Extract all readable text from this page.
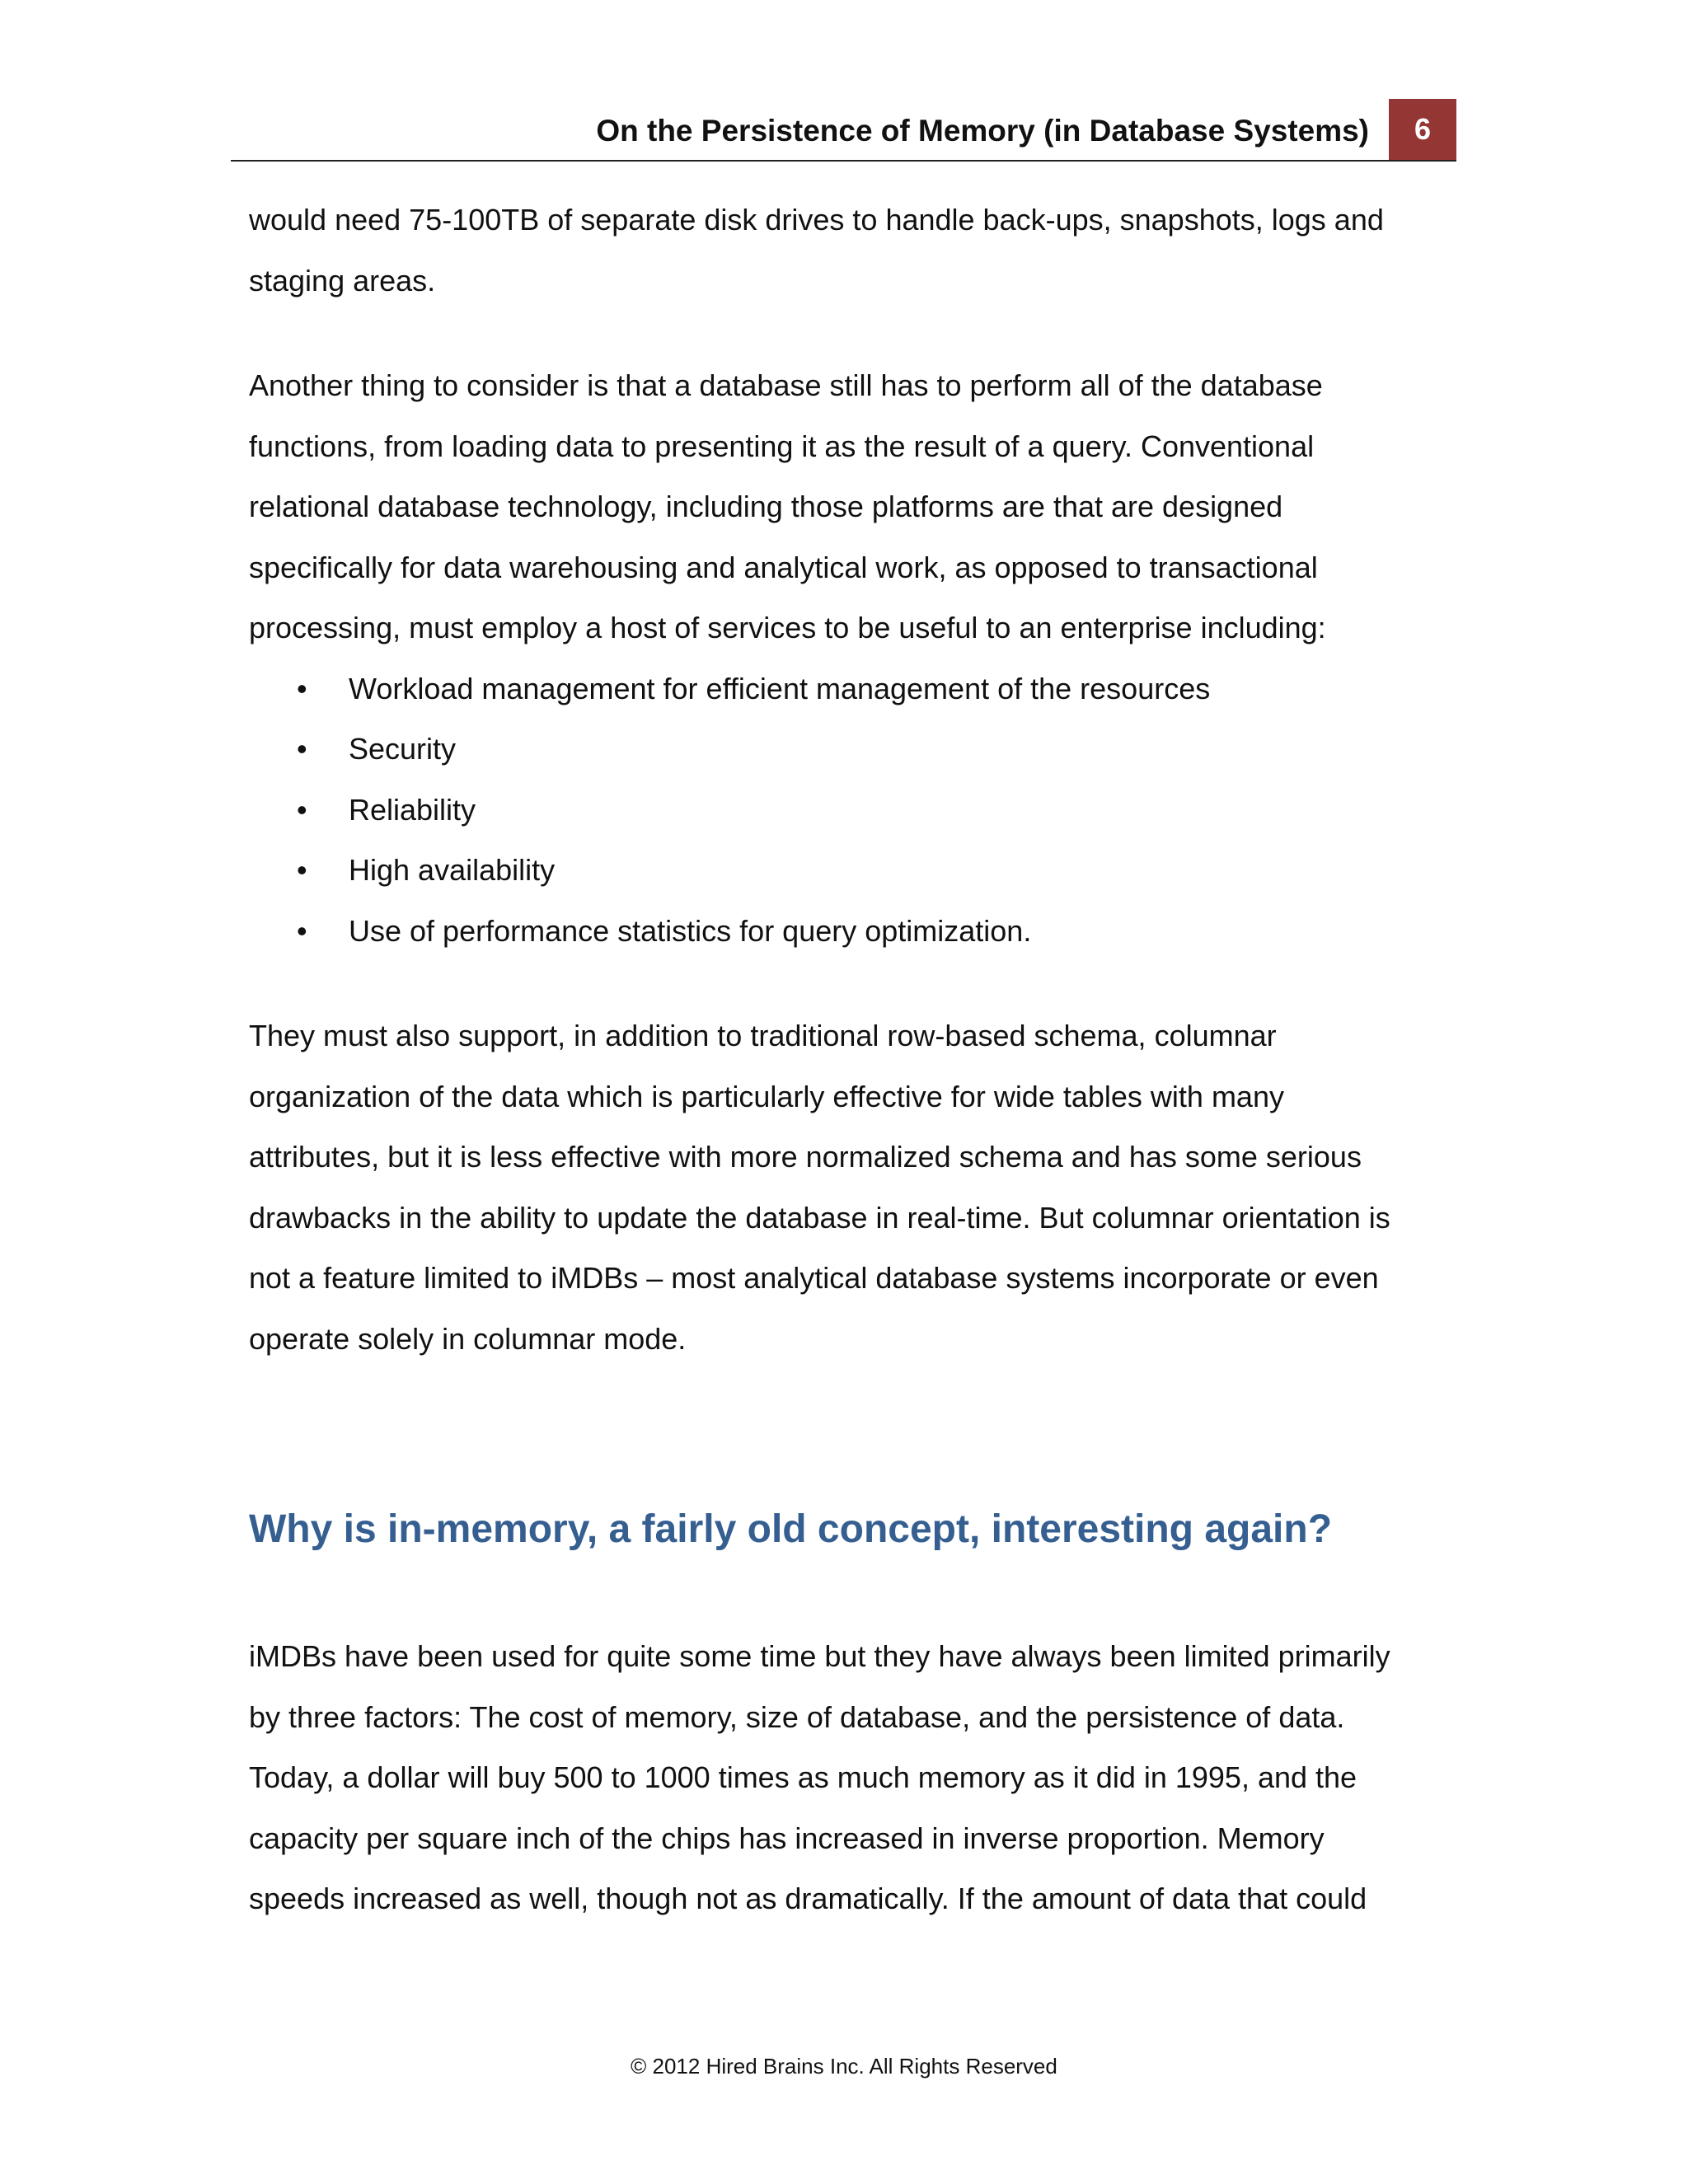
On the Persistence of Memory (in Database Systems)	6

would need 75-100TB of separate disk drives to handle back-ups, snapshots, logs and

staging areas.

Another thing to consider is that a database still has to perform all of the database

functions, from loading data to presenting it as the result of a query. Conventional

relational database technology, including those platforms are that are designed

specifically for data warehousing and analytical work, as opposed to transactional

processing, must employ a host of services to be useful to an enterprise including:

• Workload management for efficient management of the resources
• Security
• Reliability
• High availability
• Use of performance statistics for query optimization.

They must also support, in addition to traditional row-based schema, columnar

organization of the data which is particularly effective for wide tables with many

attributes, but it is less effective with more normalized schema and has some serious

drawbacks in the ability to update the database in real-time. But columnar orientation is

not a feature limited to iMDBs – most analytical database systems incorporate or even

operate solely in columnar mode.

Why is in-memory, a fairly old concept, interesting again?

iMDBs have been used for quite some time but they have always been limited primarily

by three factors: The cost of memory, size of database, and the persistence of data.

Today, a dollar will buy 500 to 1000 times as much memory as it did in 1995, and the

capacity per square inch of the chips has increased in inverse proportion. Memory

speeds increased as well, though not as dramatically. If the amount of data that could

© 2012 Hired Brains Inc. All Rights Reserved
